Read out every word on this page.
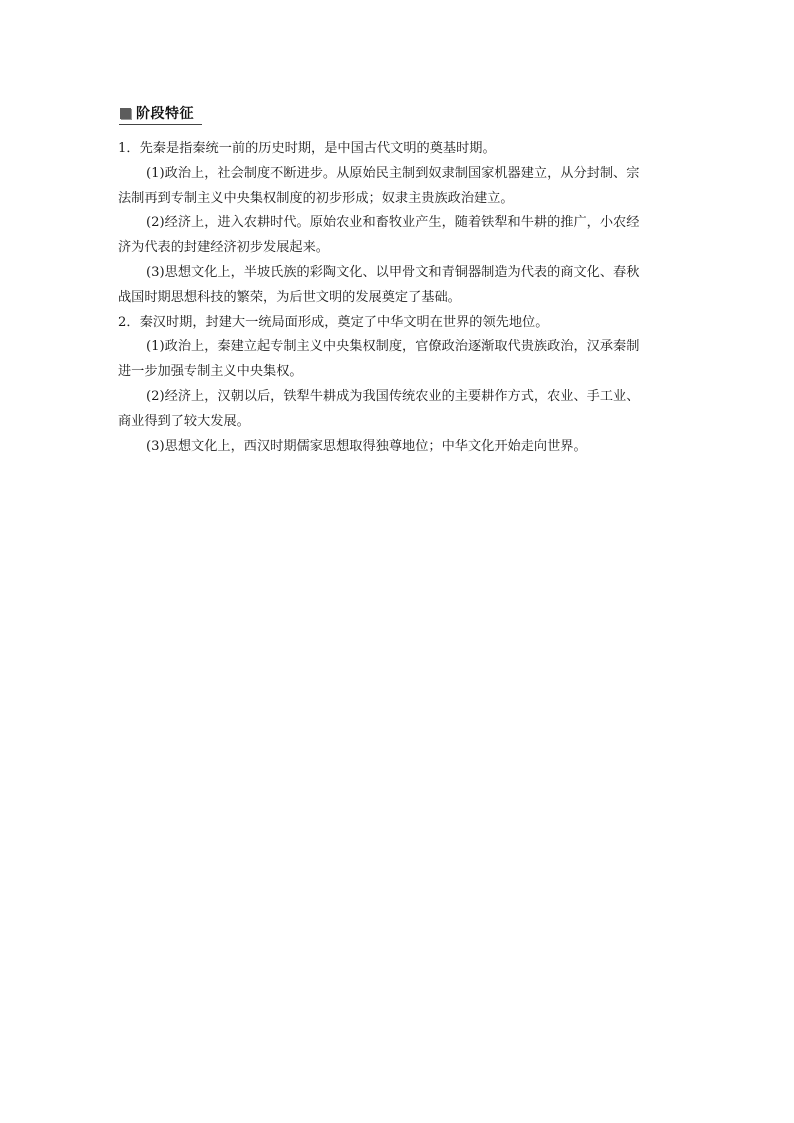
阶段特征
1．先秦是指秦统一前的历史时期，是中国古代文明的奠基时期。
(1)政治上，社会制度不断进步。从原始民主制到奴隶制国家机器建立，从分封制、宗
法制再到专制主义中央集权制度的初步形成；奴隶主贵族政治建立。
(2)经济上，进入农耕时代。原始农业和畜牧业产生，随着铁犁和牛耕的推广，小农经
济为代表的封建经济初步发展起来。
(3)思想文化上，半坡氏族的彩陶文化、以甲骨文和青铜器制造为代表的商文化、春秋
战国时期思想科技的繁荣，为后世文明的发展奠定了基础。
2．秦汉时期，封建大一统局面形成，奠定了中华文明在世界的领先地位。
(1)政治上，秦建立起专制主义中央集权制度，官僚政治逐渐取代贵族政治，汉承秦制
进一步加强专制主义中央集权。
(2)经济上，汉朝以后，铁犁牛耕成为我国传统农业的主要耕作方式，农业、手工业、
商业得到了较大发展。
(3)思想文化上，西汉时期儒家思想取得独尊地位；中华文化开始走向世界。
